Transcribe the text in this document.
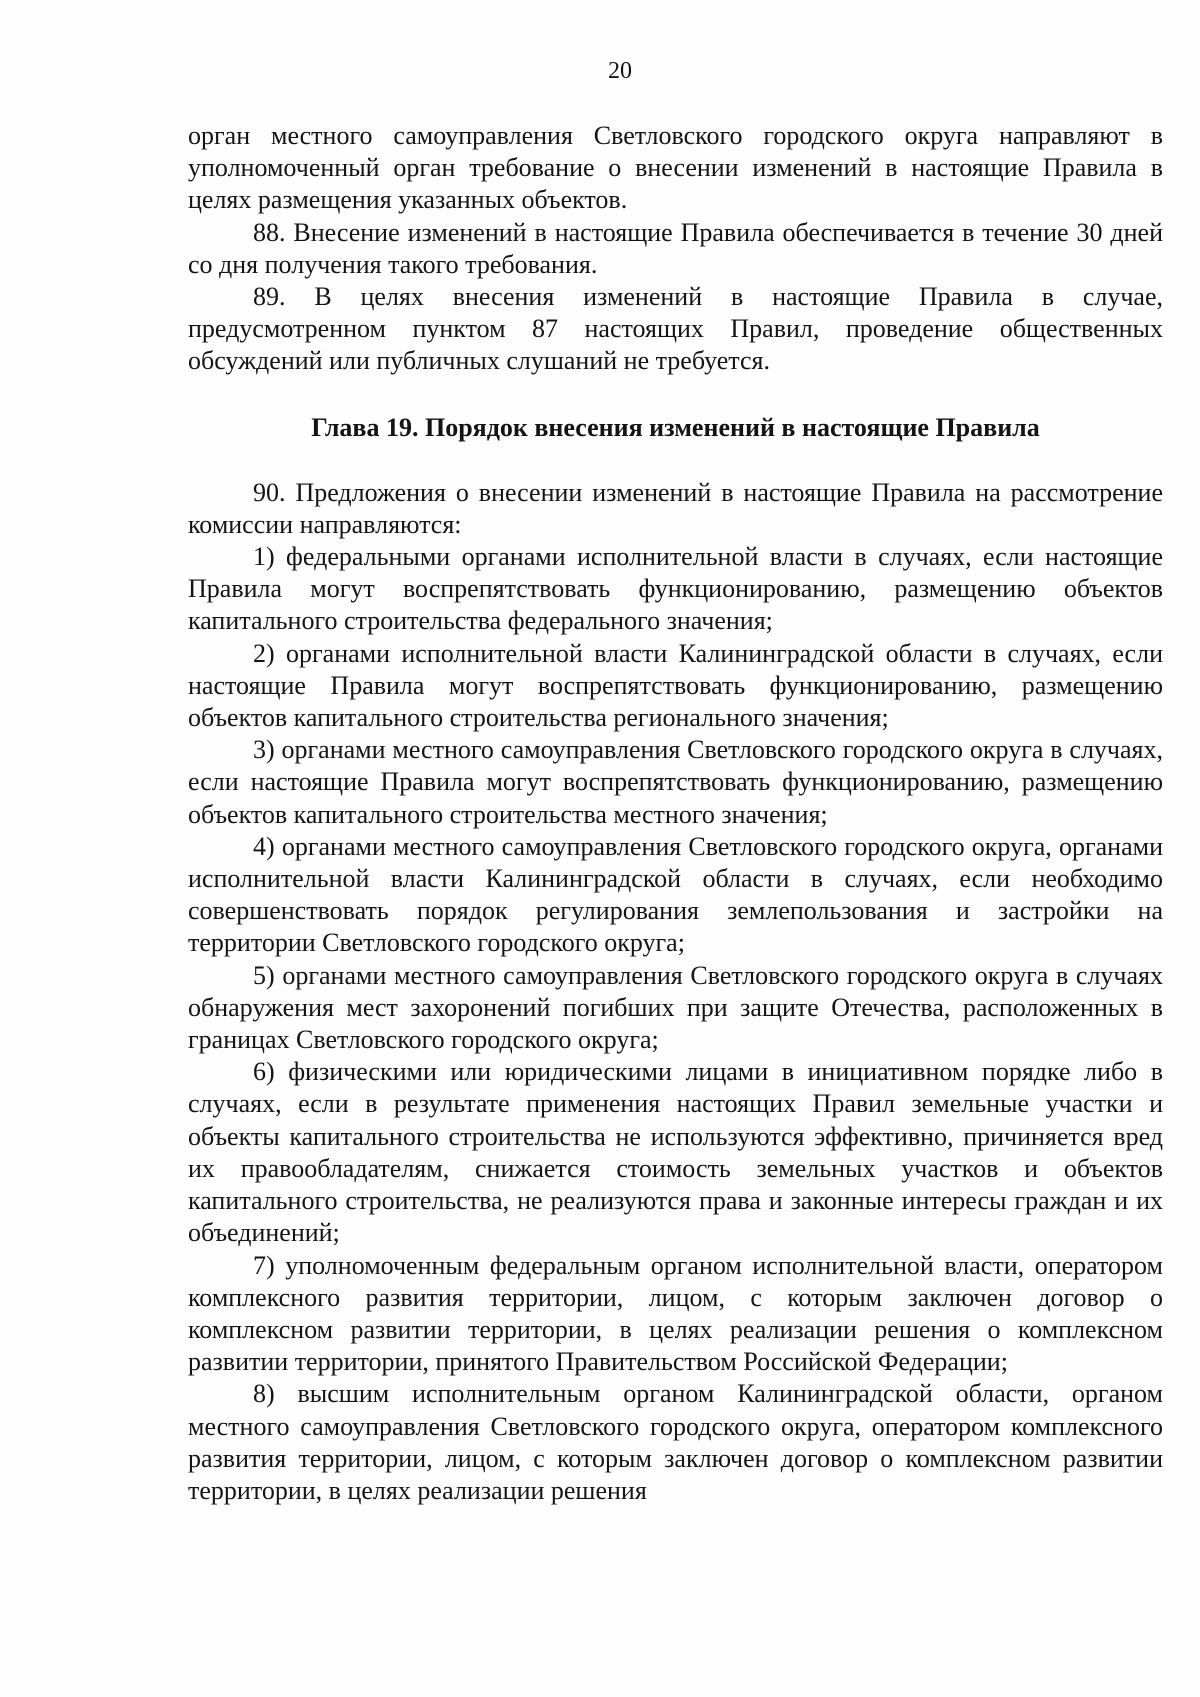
20

орган местного самоуправления Светловского городского округа направляют в уполномоченный орган требование о внесении изменений в настоящие Правила в целях размещения указанных объектов.

88. Внесение изменений в настоящие Правила обеспечивается в течение 30 дней со дня получения такого требования.

89. В целях внесения изменений в настоящие Правила в случае, предусмотренном пунктом 87 настоящих Правил, проведение общественных обсуждений или публичных слушаний не требуется.

Глава 19. Порядок внесения изменений в настоящие Правила

90. Предложения о внесении изменений в настоящие Правила на рассмотрение комиссии направляются:

1) федеральными органами исполнительной власти в случаях, если настоящие Правила могут воспрепятствовать функционированию, размещению объектов капитального строительства федерального значения;

2) органами исполнительной власти Калининградской области в случаях, если настоящие Правила могут воспрепятствовать функционированию, размещению объектов капитального строительства регионального значения;

3) органами местного самоуправления Светловского городского округа в случаях, если настоящие Правила могут воспрепятствовать функционированию, размещению объектов капитального строительства местного значения;

4) органами местного самоуправления Светловского городского округа, органами исполнительной власти Калининградской области в случаях, если необходимо совершенствовать порядок регулирования землепользования и застройки на территории Светловского городского округа;

5) органами местного самоуправления Светловского городского округа в случаях обнаружения мест захоронений погибших при защите Отечества, расположенных в границах Светловского городского округа;

6) физическими или юридическими лицами в инициативном порядке либо в случаях, если в результате применения настоящих Правил земельные участки и объекты капитального строительства не используются эффективно, причиняется вред их правообладателям, снижается стоимость земельных участков и объектов капитального строительства, не реализуются права и законные интересы граждан и их объединений;

7) уполномоченным федеральным органом исполнительной власти, оператором комплексного развития территории, лицом, с которым заключен договор о комплексном развитии территории, в целях реализации решения о комплексном развитии территории, принятого Правительством Российской Федерации;

8) высшим исполнительным органом Калининградской области, органом местного самоуправления Светловского городского округа, оператором комплексного развития территории, лицом, с которым заключен договор о комплексном развитии территории, в целях реализации решения
